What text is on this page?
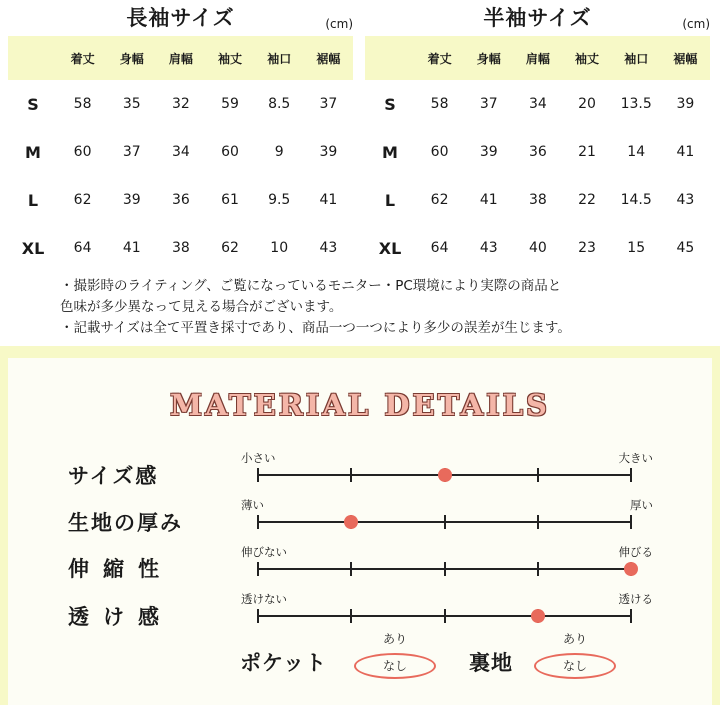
長袖サイズ	(cm)
	着丈	身幅	肩幅	袖丈	袖口	裾幅
S	58	35	32	59	8.5	37
M	60	37	34	60	9	39
L	62	39	36	61	9.5	41
XL	64	41	38	62	10	43
半袖サイズ	(cm)
	着丈	身幅	肩幅	袖丈	袖口	裾幅
S	58	37	34	20	13.5	39
M	60	39	36	21	14	41
L	62	41	38	22	14.5	43
XL	64	43	40	23	15	45
・撮影時のライティング、ご覧になっているモニター・PC環境により実際の商品と
色味が多少異なって見える場合がございます。
・記載サイズは全て平置き採寸であり、商品一つ一つにより多少の誤差が生じます。
MATERIAL DETAILS
サイズ感
小さい	大きい
生地の厚み
薄い	厚い
伸縮性
伸びない	伸びる
透け感
透けない	透ける
ポケット
あり
なし	裏地
あり
なし
